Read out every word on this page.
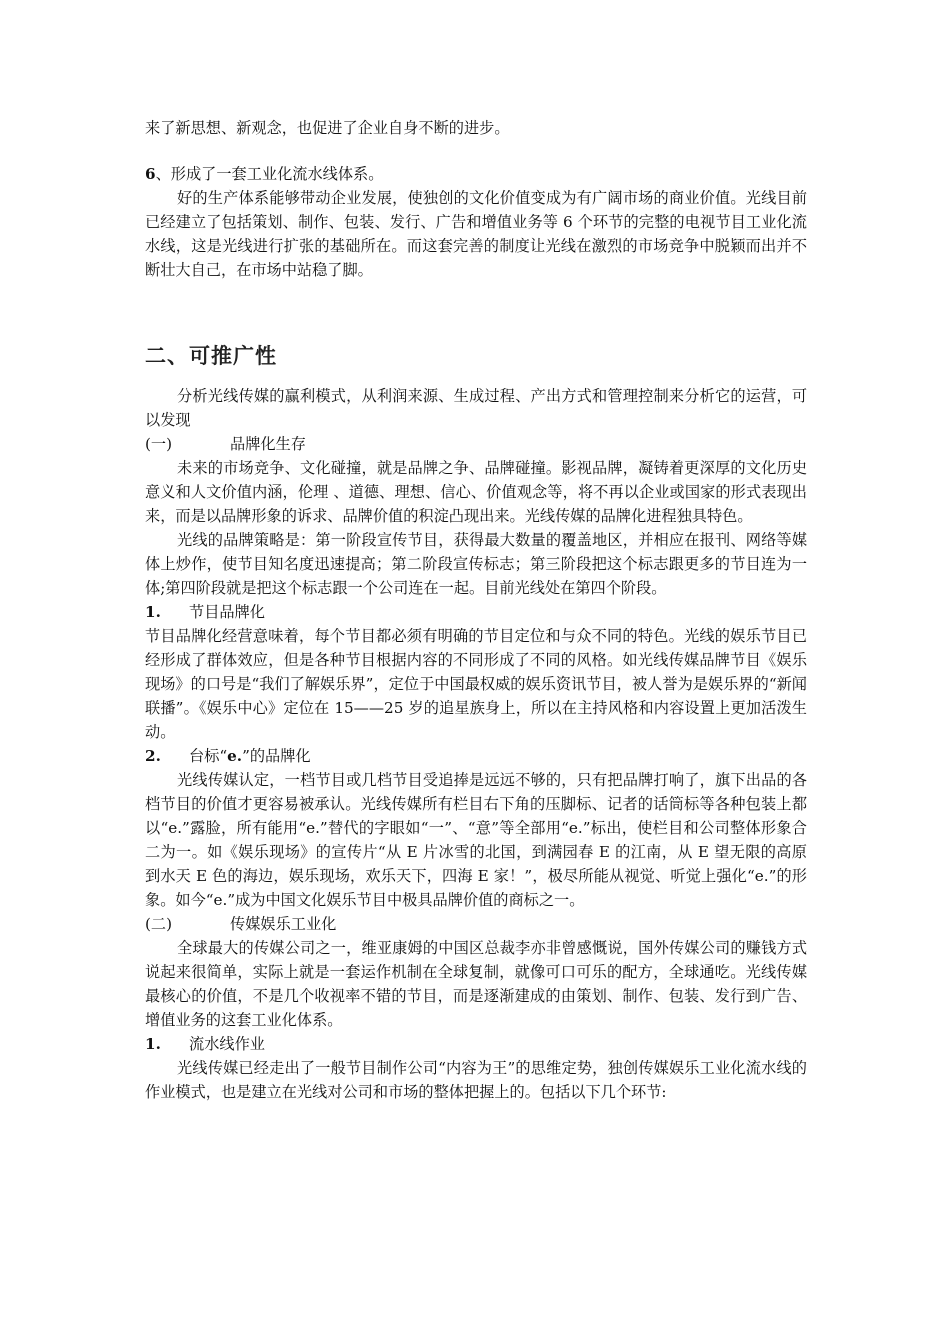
来了新思想、新观念，也促进了企业自身不断的进步。

6、形成了一套工业化流水线体系。

好的生产体系能够带动企业发展，使独创的文化价值变成为有广阔市场的商业价值。光线目前已经建立了包括策划、制作、包装、发行、广告和增值业务等 6 个环节的完整的电视节目工业化流水线，这是光线进行扩张的基础所在。而这套完善的制度让光线在激烈的市场竞争中脱颖而出并不断壮大自己，在市场中站稳了脚。

二、可推广性

分析光线传媒的赢利模式，从利润来源、生成过程、产出方式和管理控制来分析它的运营，可以发现

(一)	品牌化生存

未来的市场竞争、文化碰撞，就是品牌之争、品牌碰撞。影视品牌，凝铸着更深厚的文化历史意义和人文价值内涵，伦理 、道德、理想、信心、价值观念等，将不再以企业或国家的形式表现出来，而是以品牌形象的诉求、品牌价值的积淀凸现出来。光线传媒的品牌化进程独具特色。

光线的品牌策略是：第一阶段宣传节目，获得最大数量的覆盖地区，并相应在报刊、网络等媒体上炒作，使节目知名度迅速提高；第二阶段宣传标志；第三阶段把这个标志跟更多的节目连为一体;第四阶段就是把这个标志跟一个公司连在一起。目前光线处在第四个阶段。

1.	节目品牌化

节目品牌化经营意味着，每个节目都必须有明确的节目定位和与众不同的特色。光线的娱乐节目已经形成了群体效应，但是各种节目根据内容的不同形成了不同的风格。如光线传媒品牌节目《娱乐现场》的口号是“我们了解娱乐界”，定位于中国最权威的娱乐资讯节目，被人誉为是娱乐界的“新闻联播”。《娱乐中心》定位在 15——25 岁的追星族身上，所以在主持风格和内容设置上更加活泼生动。

2.	台标“e.”的品牌化

光线传媒认定，一档节目或几档节目受追捧是远远不够的，只有把品牌打响了，旗下出品的各档节目的价值才更容易被承认。光线传媒所有栏目右下角的压脚标、记者的话筒标等各种包装上都以“e.”露脸，所有能用“e.”替代的字眼如“一”、“意”等全部用“e.”标出，使栏目和公司整体形象合二为一。如《娱乐现场》的宣传片“从 E 片冰雪的北国，到满园春 E 的江南，从 E 望无限的高原到水天 E 色的海边，娱乐现场，欢乐天下，四海 E 家！”，极尽所能从视觉、听觉上强化“e.”的形象。如今“e.”成为中国文化娱乐节目中极具品牌价值的商标之一。

(二)	传媒娱乐工业化

全球最大的传媒公司之一，维亚康姆的中国区总裁李亦非曾感慨说，国外传媒公司的赚钱方式说起来很简单，实际上就是一套运作机制在全球复制，就像可口可乐的配方，全球通吃。光线传媒最核心的价值，不是几个收视率不错的节目，而是逐渐建成的由策划、制作、包装、发行到广告、增值业务的这套工业化体系。

1.	流水线作业

光线传媒已经走出了一般节目制作公司“内容为王”的思维定势，独创传媒娱乐工业化流水线的作业模式，也是建立在光线对公司和市场的整体把握上的。包括以下几个环节:
